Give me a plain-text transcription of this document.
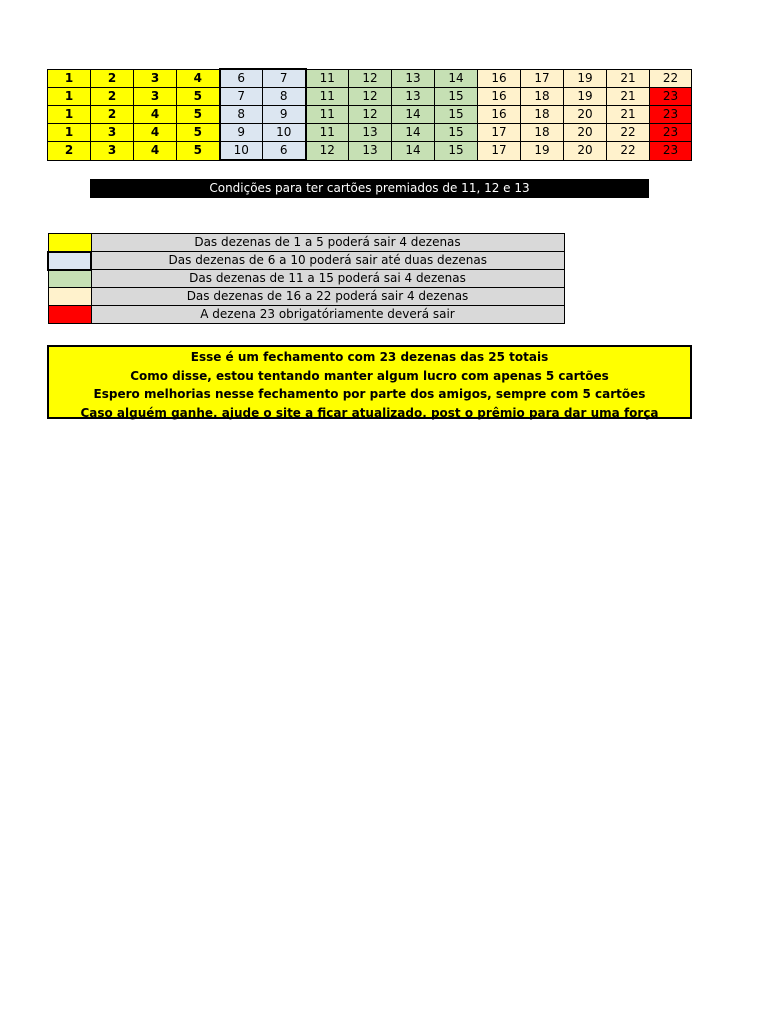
1	2	3	4	6	7	11	12	13	14	16	17	19	21	22
1	2	3	5	7	8	11	12	13	15	16	18	19	21	23
1	2	4	5	8	9	11	12	14	15	16	18	20	21	23
1	3	4	5	9	10	11	13	14	15	17	18	20	22	23
2	3	4	5	10	6	12	13	14	15	17	19	20	22	23
Condições para ter cartões premiados de 11, 12 e 13
	Das dezenas de 1 a 5 poderá sair 4 dezenas
	Das dezenas de 6 a 10 poderá sair até duas dezenas
	Das dezenas de 11 a 15 poderá sai 4 dezenas
	Das dezenas de 16 a 22 poderá sair 4 dezenas
	A dezena 23 obrigatóriamente deverá sair
Esse é um fechamento com 23 dezenas das 25 totais
Como disse, estou tentando manter algum lucro com apenas 5 cartões
Espero melhorias nesse fechamento por parte dos amigos, sempre com 5 cartões
Caso alguém ganhe, ajude o site a ficar atualizado, post o prêmio para dar uma força
